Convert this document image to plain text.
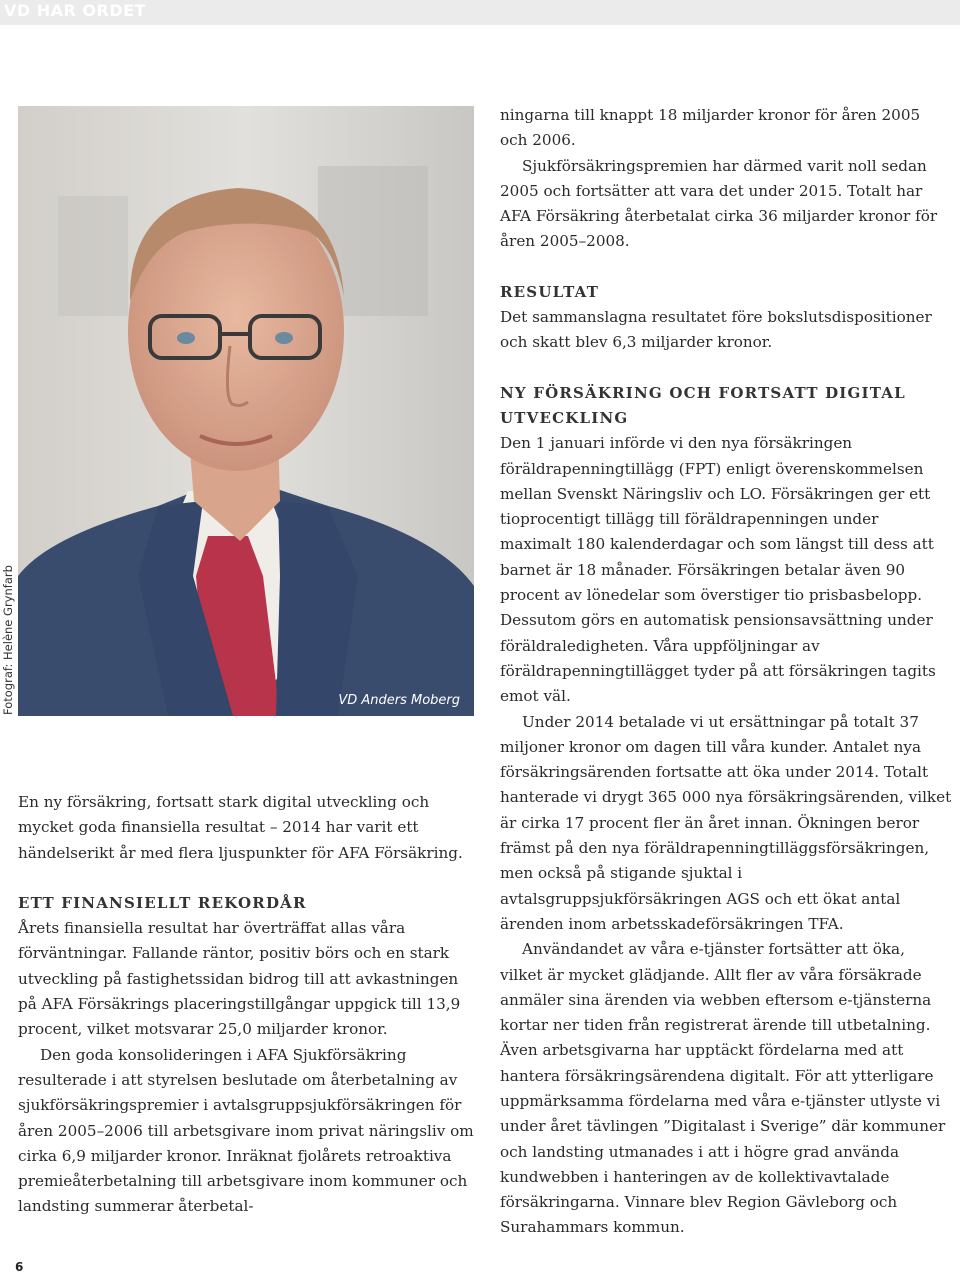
VD HAR ORDET
Fotograf: Helène Grynfarb	VD Anders Moberg

En ny försäkring, fortsatt stark digital utveckling och mycket goda finansiella resultat – 2014 har varit ett händelserikt år med flera ljuspunkter för AFA Försäkring.

ETT FINANSIELLT REKORDÅR

Årets finansiella resultat har överträffat allas våra förväntningar. Fallande räntor, positiv börs och en stark utveckling på fastighetssidan bidrog till att avkastningen på AFA Försäkrings placeringstillgångar uppgick till 13,9 procent, vilket motsvarar 25,0 miljarder kronor.

Den goda konsolideringen i AFA Sjukförsäkring resulterade i att styrelsen beslutade om återbetalning av sjukförsäkringspremier i avtalsgruppsjukförsäkringen för åren 2005–2006 till arbetsgivare inom privat näringsliv om cirka 6,9 miljarder kronor. Inräknat fjolårets retroaktiva premieåterbetalning till arbetsgivare inom kommuner och landsting summerar återbetal-

ningarna till knappt 18 miljarder kronor för åren 2005 och 2006.

Sjukförsäkringspremien har därmed varit noll sedan 2005 och fortsätter att vara det under 2015. Totalt har AFA Försäkring återbetalat cirka 36 miljarder kronor för åren 2005–2008.

RESULTAT

Det sammanslagna resultatet före bokslutsdispositioner och skatt blev 6,3 miljarder kronor.

NY FÖRSÄKRING OCH FORTSATT DIGITAL UTVECKLING

Den 1 januari införde vi den nya försäkringen föräldrapenningtillägg (FPT) enligt överenskommelsen mellan Svenskt Näringsliv och LO. Försäkringen ger ett tioprocentigt tillägg till föräldrapenningen under maximalt 180 kalenderdagar och som längst till dess att barnet är 18 månader. Försäkringen betalar även 90 procent av lönedelar som överstiger tio prisbasbelopp. Dessutom görs en automatisk pensionsavsättning under föräldraledigheten. Våra uppföljningar av föräldrapenningtillägget tyder på att försäkringen tagits emot väl.

Under 2014 betalade vi ut ersättningar på totalt 37 miljoner kronor om dagen till våra kunder. Antalet nya försäkringsärenden fortsatte att öka under 2014. Totalt hanterade vi drygt 365 000 nya försäkringsärenden, vilket är cirka 17 procent fler än året innan. Ökningen beror främst på den nya föräldrapenningtilläggsförsäkringen, men också på stigande sjuktal i avtalsgruppsjukförsäkringen AGS och ett ökat antal ärenden inom arbetsskadeförsäkringen TFA.

Användandet av våra e-tjänster fortsätter att öka, vilket är mycket glädjande. Allt fler av våra försäkrade anmäler sina ärenden via webben eftersom e-tjänsterna kortar ner tiden från registrerat ärende till utbetalning. Även arbetsgivarna har upptäckt fördelarna med att hantera försäkringsärendena digitalt. För att ytterligare uppmärksamma fördelarna med våra e-tjänster utlyste vi under året tävlingen ”Digitalast i Sverige” där kommuner och landsting utmanades i att i högre grad använda kundwebben i hanteringen av de kollektivavtalade försäkringarna. Vinnare blev Region Gävleborg och Surahammars kommun.

6
